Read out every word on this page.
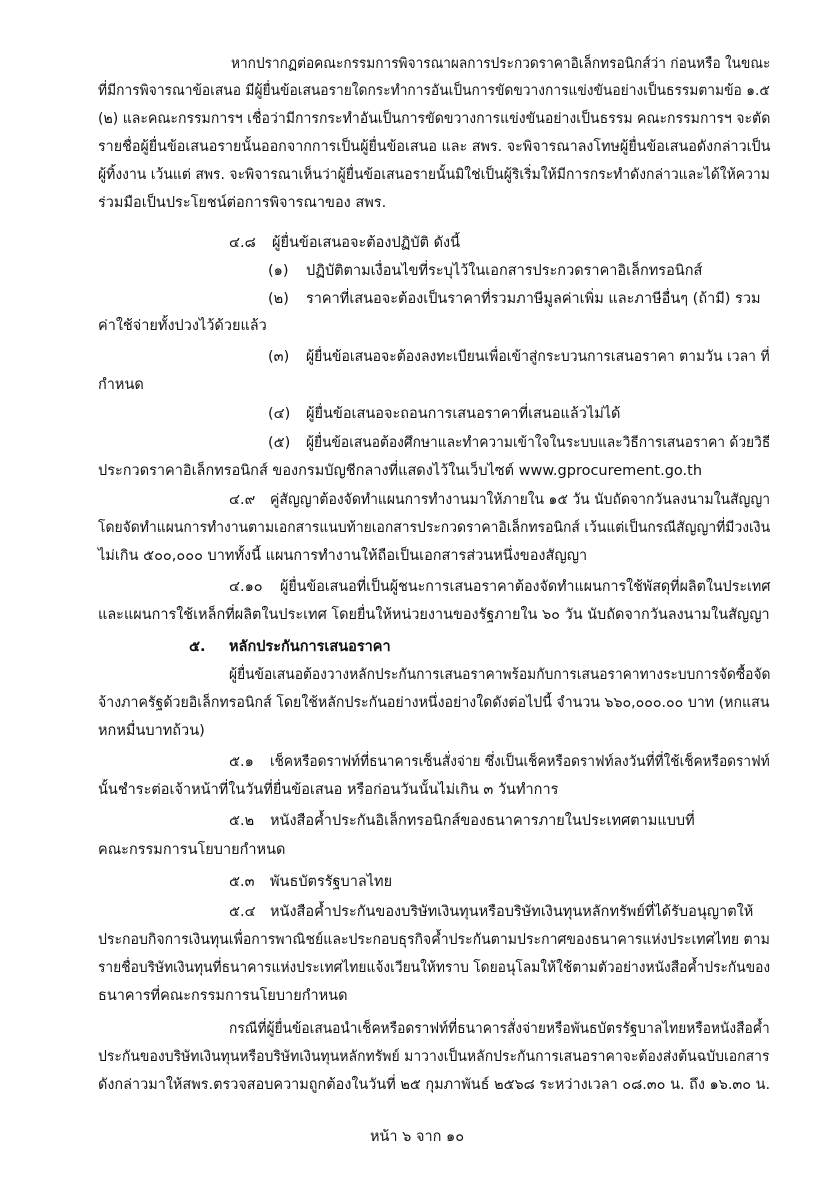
หากปรากฏต่อคณะกรรมการพิจารณาผลการประกวดราคาอิเล็กทรอนิกส์ว่า ก่อนหรือ ในขณะ
ที่มีการพิจารณาข้อเสนอ มีผู้ยื่นข้อเสนอรายใดกระทำการอันเป็นการขัดขวางการแข่งขันอย่างเป็นธรรมตามข้อ ๑.๕
(๒) และคณะกรรมการฯ เชื่อว่ามีการกระทำอันเป็นการขัดขวางการแข่งขันอย่างเป็นธรรม คณะกรรมการฯ จะตัด
รายชื่อผู้ยื่นข้อเสนอรายนั้นออกจากการเป็นผู้ยื่นข้อเสนอ และ สพร. จะพิจารณาลงโทษผู้ยื่นข้อเสนอดังกล่าวเป็น
ผู้ทิ้งงาน เว้นแต่ สพร. จะพิจารณาเห็นว่าผู้ยื่นข้อเสนอรายนั้นมิใช่เป็นผู้ริเริ่มให้มีการกระทำดังกล่าวและได้ให้ความ
ร่วมมือเป็นประโยชน์ต่อการพิจารณาของ สพร.
๔.๘ ผู้ยื่นข้อเสนอจะต้องปฏิบัติ ดังนี้
(๑) ปฏิบัติตามเงื่อนไขที่ระบุไว้ในเอกสารประกวดราคาอิเล็กทรอนิกส์
(๒) ราคาที่เสนอจะต้องเป็นราคาที่รวมภาษีมูลค่าเพิ่ม และภาษีอื่นๆ (ถ้ามี) รวม
ค่าใช้จ่ายทั้งปวงไว้ด้วยแล้ว
(๓) ผู้ยื่นข้อเสนอจะต้องลงทะเบียนเพื่อเข้าสู่กระบวนการเสนอราคา ตามวัน เวลา ที่
กำหนด
(๔) ผู้ยื่นข้อเสนอจะถอนการเสนอราคาที่เสนอแล้วไม่ได้
(๕) ผู้ยื่นข้อเสนอต้องศึกษาและทำความเข้าใจในระบบและวิธีการเสนอราคา ด้วยวิธี
ประกวดราคาอิเล็กทรอนิกส์ ของกรมบัญชีกลางที่แสดงไว้ในเว็บไซต์ www.gprocurement.go.th
๔.๙ คู่สัญญาต้องจัดทำแผนการทำงานมาให้ภายใน ๑๕ วัน นับถัดจากวันลงนามในสัญญา
โดยจัดทำแผนการทำงานตามเอกสารแนบท้ายเอกสารประกวดราคาอิเล็กทรอนิกส์ เว้นแต่เป็นกรณีสัญญาที่มีวงเงิน
ไม่เกิน ๕๐๐,๐๐๐ บาททั้งนี้ แผนการทำงานให้ถือเป็นเอกสารส่วนหนึ่งของสัญญา
๔.๑๐ ผู้ยื่นข้อเสนอที่เป็นผู้ชนะการเสนอราคาต้องจัดทำแผนการใช้พัสดุที่ผลิตในประเทศ
และแผนการใช้เหล็กที่ผลิตในประเทศ โดยยื่นให้หน่วยงานของรัฐภายใน ๖๐ วัน นับถัดจากวันลงนามในสัญญา
๕. หลักประกันการเสนอราคา
ผู้ยื่นข้อเสนอต้องวางหลักประกันการเสนอราคาพร้อมกับการเสนอราคาทางระบบการจัดซื้อจัด
จ้างภาครัฐด้วยอิเล็กทรอนิกส์ โดยใช้หลักประกันอย่างหนึ่งอย่างใดดังต่อไปนี้ จำนวน ๖๖๐,๐๐๐.๐๐ บาท (หกแสน
หกหมื่นบาทถ้วน)
๕.๑ เช็คหรือดราฟท์ที่ธนาคารเซ็นสั่งจ่าย ซึ่งเป็นเช็คหรือดราฟท์ลงวันที่ที่ใช้เช็คหรือดราฟท์
นั้นชำระต่อเจ้าหน้าที่ในวันที่ยื่นข้อเสนอ หรือก่อนวันนั้นไม่เกิน ๓ วันทำการ
๕.๒ หนังสือค้ำประกันอิเล็กทรอนิกส์ของธนาคารภายในประเทศตามแบบที่
คณะกรรมการนโยบายกำหนด
๕.๓ พันธบัตรรัฐบาลไทย
๕.๔ หนังสือค้ำประกันของบริษัทเงินทุนหรือบริษัทเงินทุนหลักทรัพย์ที่ได้รับอนุญาตให้
ประกอบกิจการเงินทุนเพื่อการพาณิชย์และประกอบธุรกิจค้ำประกันตามประกาศของธนาคารแห่งประเทศไทย ตาม
รายชื่อบริษัทเงินทุนที่ธนาคารแห่งประเทศไทยแจ้งเวียนให้ทราบ โดยอนุโลมให้ใช้ตามตัวอย่างหนังสือค้ำประกันของ
ธนาคารที่คณะกรรมการนโยบายกำหนด
กรณีที่ผู้ยื่นข้อเสนอนำเช็คหรือดราฟท์ที่ธนาคารสั่งจ่ายหรือพันธบัตรรัฐบาลไทยหรือหนังสือค้ำ
ประกันของบริษัทเงินทุนหรือบริษัทเงินทุนหลักทรัพย์ มาวางเป็นหลักประกันการเสนอราคาจะต้องส่งต้นฉบับเอกสาร
ดังกล่าวมาให้สพร.ตรวจสอบความถูกต้องในวันที่ ๒๕ กุมภาพันธ์ ๒๕๖๘ ระหว่างเวลา ๐๘.๓๐ น. ถึง ๑๖.๓๐ น.
หน้า ๖ จาก ๑๐
